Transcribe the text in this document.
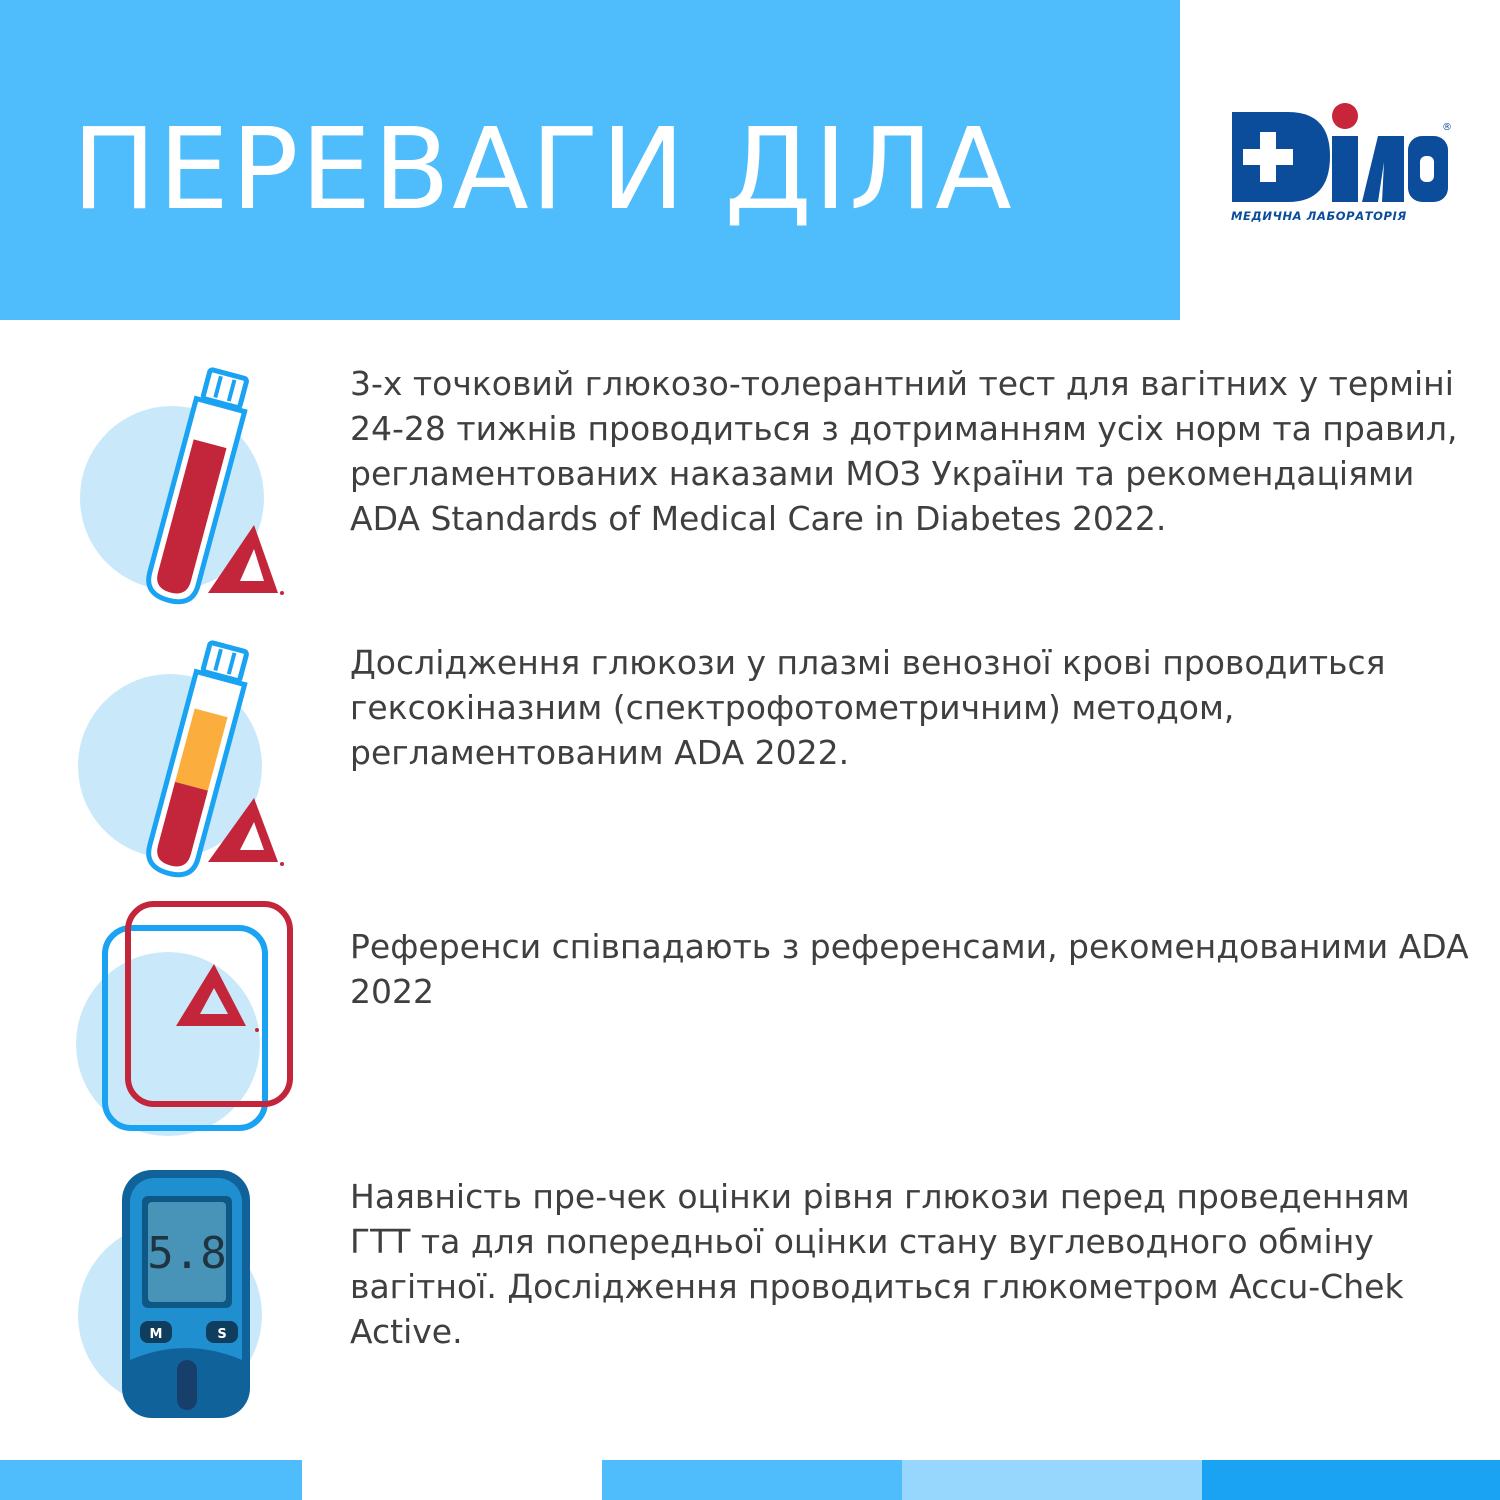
ПЕРЕВАГИ ДІЛА	®
МЕДИЧНА ЛАБОРАТОРІЯ

3-х точковий глюкозо-толерантний тест для вагітних у терміні 24-28 тижнів проводиться з дотриманням усіх норм та правил, регламентованих наказами МОЗ України та рекомендаціями ADA Standards of Medical Care in Diabetes 2022.

Дослідження глюкози у плазмі венозної крові проводиться гексокіназним (спектрофотометричним) методом, регламентованим ADA 2022.

Референси співпадають з референсами, рекомендованими ADA 2022

5.8
M	S

Наявність пре-чек оцінки рівня глюкози перед проведенням ГТТ та для попередньої оцінки стану вуглеводного обміну вагітної. Дослідження проводиться глюкометром Accu-Chek Active.
